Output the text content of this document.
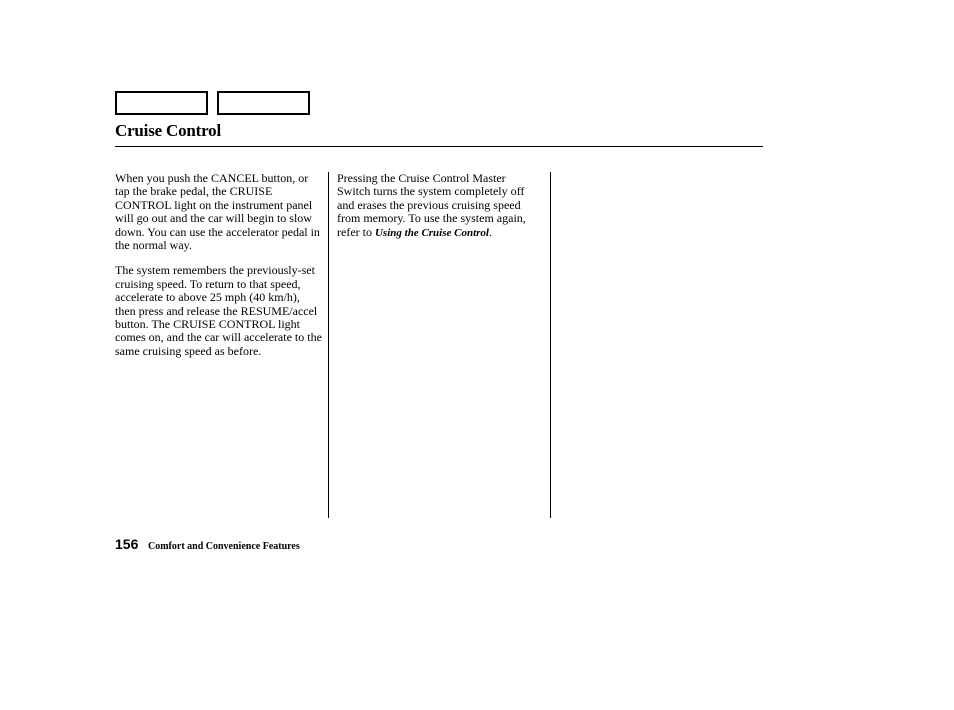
Cruise Control

When you push the CANCEL button, or tap the brake pedal, the CRUISE CONTROL light on the instrument panel will go out and the car will begin to slow down. You can use the accelerator pedal in the normal way.

The system remembers the previously-set cruising speed. To return to that speed, accelerate to above 25 mph (40 km/h), then press and release the RESUME/accel button. The CRUISE CONTROL light comes on, and the car will accelerate to the same cruising speed as before.

Pressing the Cruise Control Master Switch turns the system completely off and erases the previous cruising speed from memory. To use the system again, refer to Using the Cruise Control.

156 Comfort and Convenience Features
